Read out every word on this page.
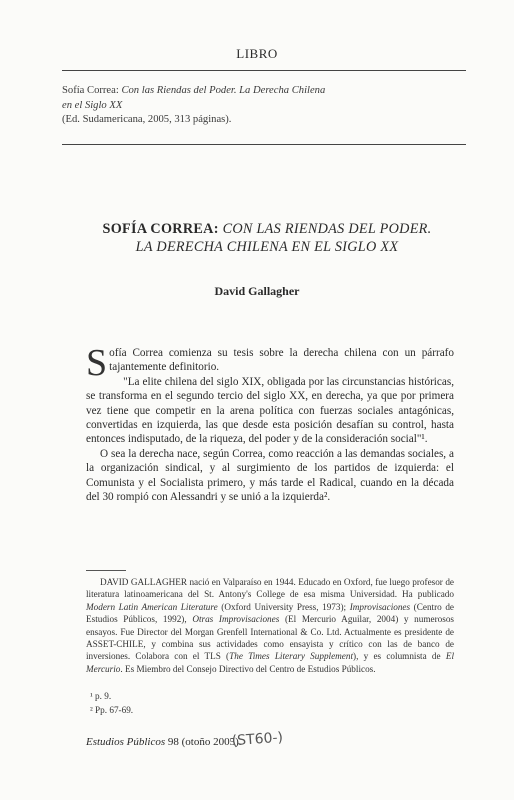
LIBRO
Sofía Correa: Con las Riendas del Poder. La Derecha Chilena
en el Siglo XX
(Ed. Sudamericana, 2005, 313 páginas).
SOFÍA CORREA: CON LAS RIENDAS DEL PODER.
LA DERECHA CHILENA EN EL SIGLO XX
David Gallagher

Sofía Correa comienza su tesis sobre la derecha chilena con un párrafo tajantemente definitorio.

"La elite chilena del siglo XIX, obligada por las circunstancias históricas, se transforma en el segundo tercio del siglo XX, en derecha, ya que por primera vez tiene que competir en la arena política con fuerzas sociales antagónicas, convertidas en izquierda, las que desde esta posición desafían su control, hasta entonces indisputado, de la riqueza, del poder y de la consideración social"¹.

O sea la derecha nace, según Correa, como reacción a las demandas sociales, a la organización sindical, y al surgimiento de los partidos de izquierda: el Comunista y el Socialista primero, y más tarde el Radical, cuando en la década del 30 rompió con Alessandri y se unió a la izquierda².

DAVID GALLAGHER nació en Valparaíso en 1944. Educado en Oxford, fue luego profesor de literatura latinoamericana del St. Antony's College de esa misma Universidad. Ha publicado Modern Latin American Literature (Oxford University Press, 1973); Improvisaciones (Centro de Estudios Públicos, 1992), Otras Improvisaciones (El Mercurio Aguilar, 2004) y numerosos ensayos. Fue Director del Morgan Grenfell International & Co. Ltd. Actualmente es presidente de ASSET-CHILE, y combina sus actividades como ensayista y crítico con las de banco de inversiones. Colabora con el TLS (The Times Literary Supplement), y es columnista de El Mercurio. Es Miembro del Consejo Directivo del Centro de Estudios Públicos.
¹ p. 9.
² Pp. 67-69.
Estudios Públicos 98 (otoño 2005).
(ST60-)
